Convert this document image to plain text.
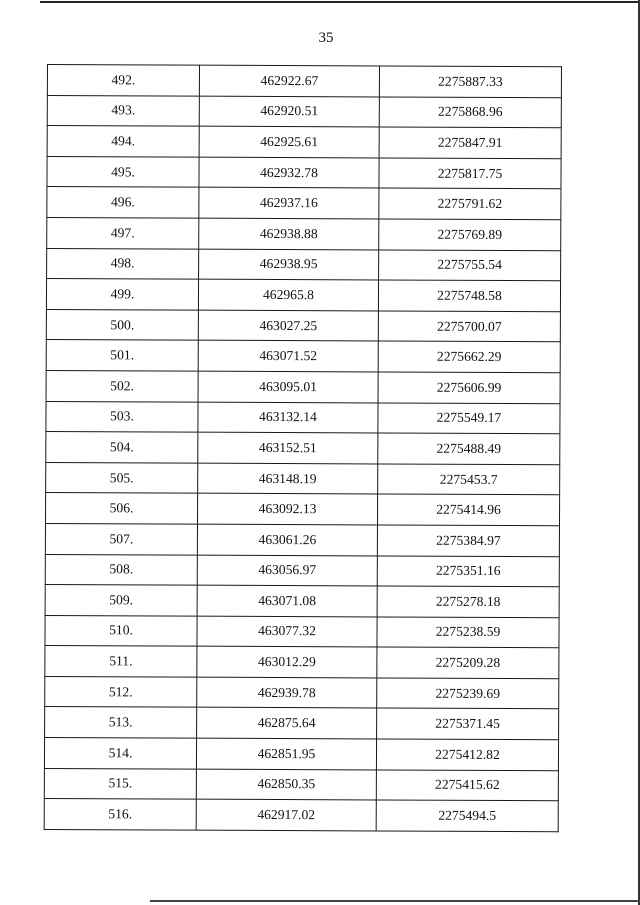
35
492.	462922.67	2275887.33
493.	462920.51	2275868.96
494.	462925.61	2275847.91
495.	462932.78	2275817.75
496.	462937.16	2275791.62
497.	462938.88	2275769.89
498.	462938.95	2275755.54
499.	462965.8	2275748.58
500.	463027.25	2275700.07
501.	463071.52	2275662.29
502.	463095.01	2275606.99
503.	463132.14	2275549.17
504.	463152.51	2275488.49
505.	463148.19	2275453.7
506.	463092.13	2275414.96
507.	463061.26	2275384.97
508.	463056.97	2275351.16
509.	463071.08	2275278.18
510.	463077.32	2275238.59
511.	463012.29	2275209.28
512.	462939.78	2275239.69
513.	462875.64	2275371.45
514.	462851.95	2275412.82
515.	462850.35	2275415.62
516.	462917.02	2275494.5
